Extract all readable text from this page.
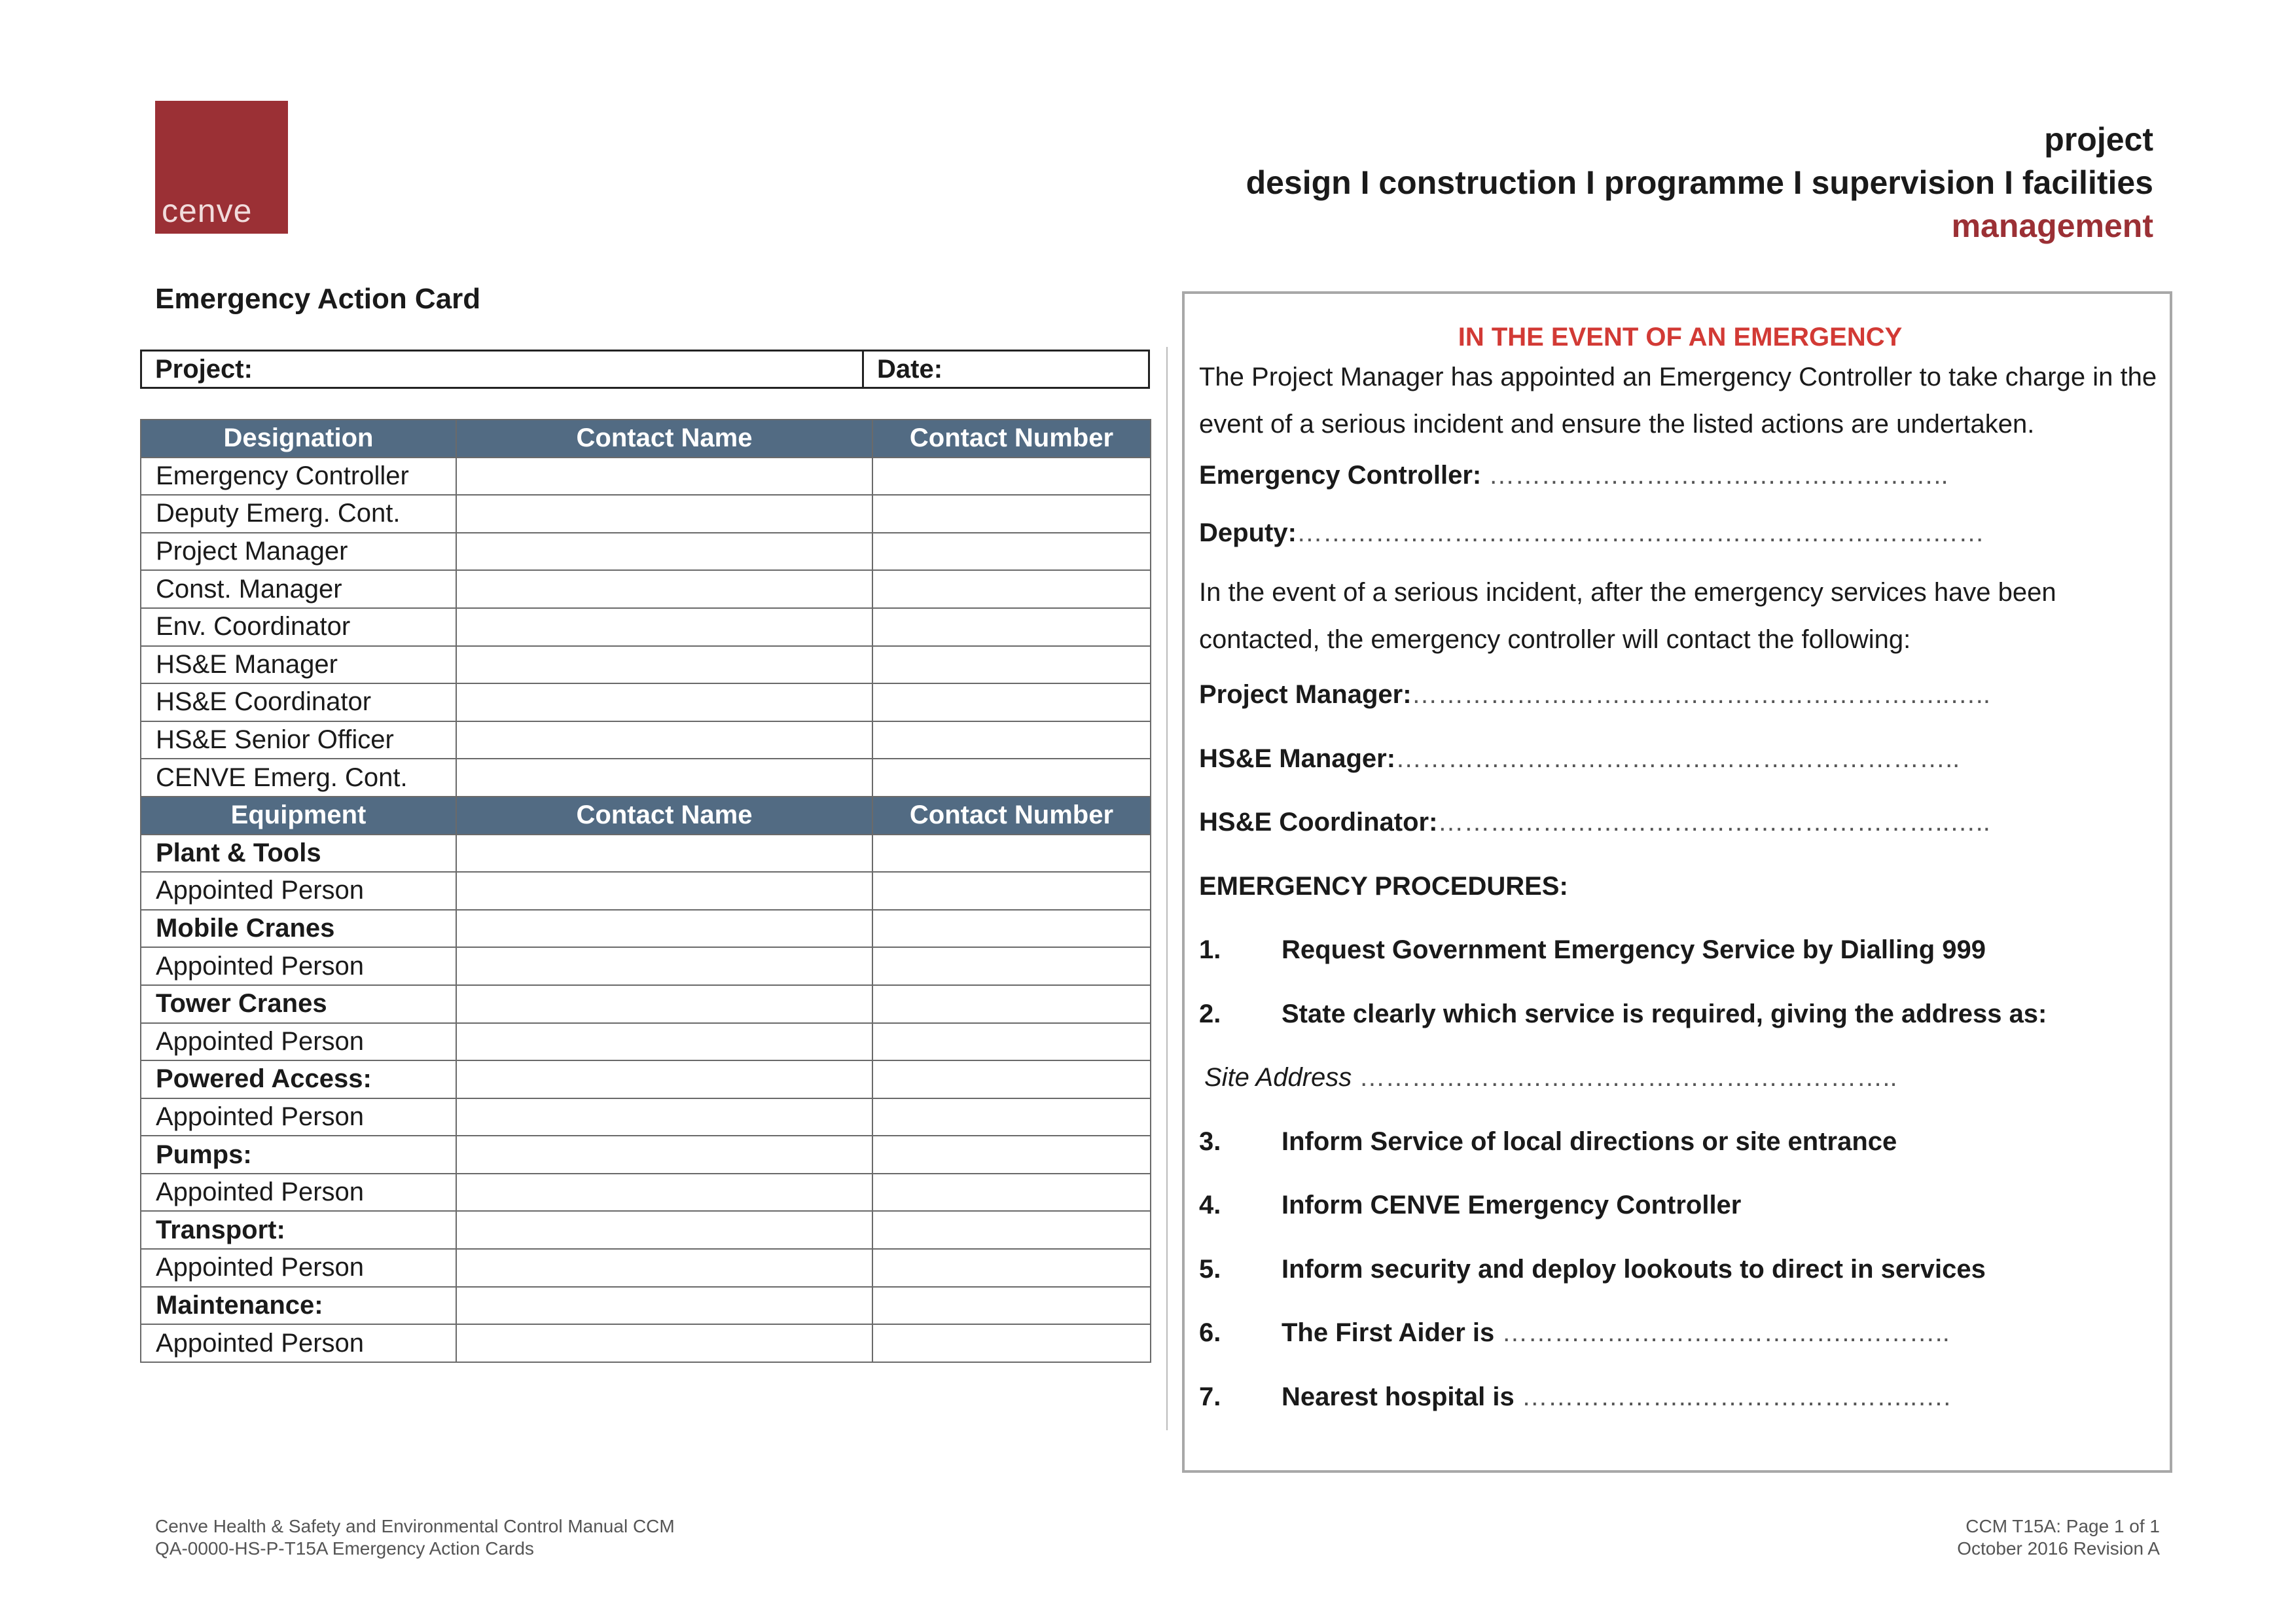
cenve
project
design I construction I programme I supervision I facilities
management
Emergency Action Card
Project:	Date:
Designation	Contact Name	Contact Number
Emergency Controller		
Deputy Emerg. Cont.		
Project Manager		
Const. Manager		
Env. Coordinator		
HS&E Manager		
HS&E Coordinator		
HS&E Senior Officer		
CENVE Emerg. Cont.		
Equipment	Contact Name	Contact Number
Plant & Tools		
Appointed Person		
Mobile Cranes		
Appointed Person		
Tower Cranes		
Appointed Person		
Powered Access:		
Appointed Person		
Pumps:		
Appointed Person		
Transport:		
Appointed Person		
Maintenance:		
Appointed Person		
IN THE EVENT OF AN EMERGENCY
The Project Manager has appointed an Emergency Controller to take charge in the event of a serious incident and ensure the listed actions are undertaken.
Emergency Controller: ……………………………………………..
Deputy:……………………………………………………………….……
In the event of a serious incident, after the emergency services have been contacted, the emergency controller will contact the following:
Project Manager:……………………………………………………..…..
HS&E Manager:………………………………………………………..
HS&E Coordinator:…………………………………………………..…..
EMERGENCY PROCEDURES:
1. Request Government Emergency Service by Dialling 999
2. State clearly which service is required, giving the address as:
Site Address ……………………………………………………..
3. Inform Service of local directions or site entrance
4. Inform CENVE Emergency Controller
5. Inform security and deploy lookouts to direct in services
6. The First Aider is …………………………………..………..
7. Nearest hospital is ………………..……………………..….
Cenve Health & Safety and Environmental Control Manual CCM
QA-0000-HS-P-T15A Emergency Action Cards
CCM T15A: Page 1 of 1
October 2016 Revision A
